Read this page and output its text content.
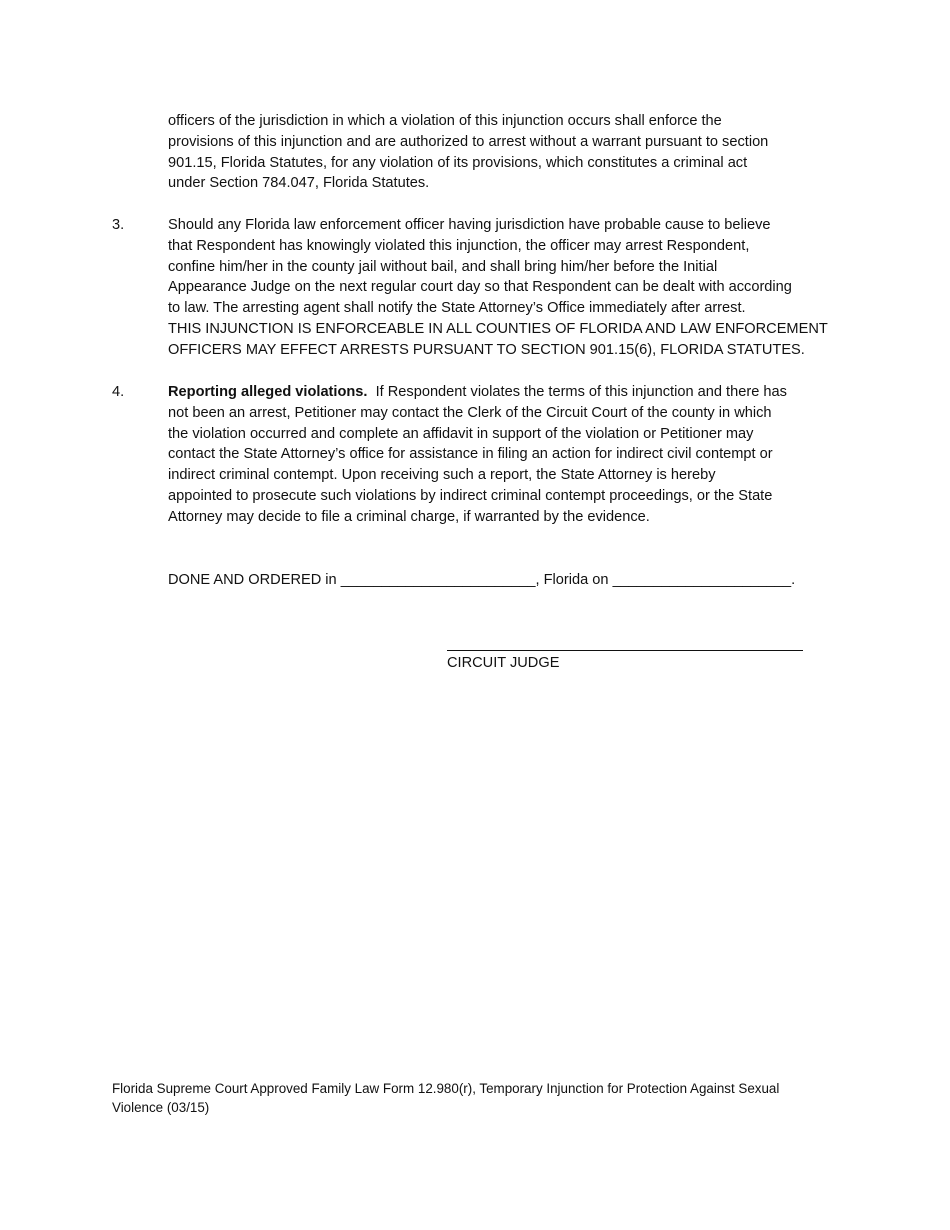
officers of the jurisdiction in which a violation of this injunction occurs shall enforce the
provisions of this injunction and are authorized to arrest without a warrant pursuant to section
901.15, Florida Statutes, for any violation of its provisions, which constitutes a criminal act
under Section 784.047, Florida Statutes.
3.	Should any Florida law enforcement officer having jurisdiction have probable cause to believe
that Respondent has knowingly violated this injunction, the officer may arrest Respondent,
confine him/her in the county jail without bail, and shall bring him/her before the Initial
Appearance Judge on the next regular court day so that Respondent can be dealt with according
to law. The arresting agent shall notify the State Attorney’s Office immediately after arrest.
THIS INJUNCTION IS ENFORCEABLE IN ALL COUNTIES OF FLORIDA AND LAW ENFORCEMENT
OFFICERS MAY EFFECT ARRESTS PURSUANT TO SECTION 901.15(6), FLORIDA STATUTES.
4.	Reporting alleged violations.  If Respondent violates the terms of this injunction and there has
not been an arrest, Petitioner may contact the Clerk of the Circuit Court of the county in which
the violation occurred and complete an affidavit in support of the violation or Petitioner may
contact the State Attorney’s office for assistance in filing an action for indirect civil contempt or
indirect criminal contempt. Upon receiving such a report, the State Attorney is hereby
appointed to prosecute such violations by indirect criminal contempt proceedings, or the State
Attorney may decide to file a criminal charge, if warranted by the evidence.
DONE AND ORDERED in ________________________, Florida on ______________________.
CIRCUIT JUDGE
Florida Supreme Court Approved Family Law Form 12.980(r), Temporary Injunction for Protection Against Sexual
Violence (03/15)
